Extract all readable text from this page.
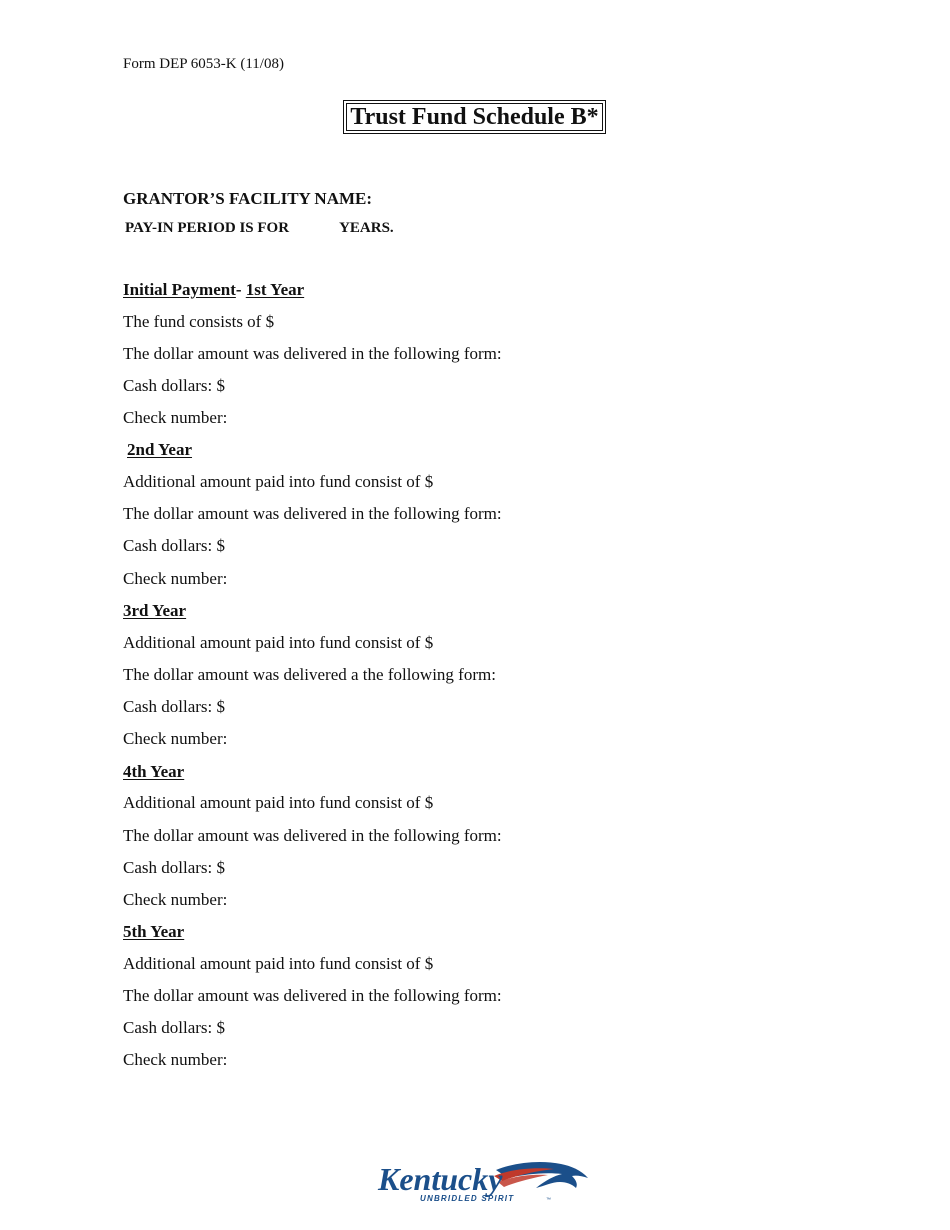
Form DEP 6053-K (11/08)
Trust Fund Schedule B*
GRANTOR’S FACILITY NAME:
PAY-IN PERIOD IS FOR	YEARS.
Initial Payment- 1st Year
The fund consists of $
The dollar amount was delivered in the following form:
Cash dollars: $
Check number:
2nd Year
Additional amount paid into fund consist of $
The dollar amount was delivered in the following form:
Cash dollars: $
Check number:
3rd Year
Additional amount paid into fund consist of $
The dollar amount was delivered a the following form:
Cash dollars: $
Check number:
4th Year
Additional amount paid into fund consist of $
The dollar amount was delivered in the following form:
Cash dollars: $
Check number:
5th Year
Additional amount paid into fund consist of $
The dollar amount was delivered in the following form:
Cash dollars: $
Check number:
Kentucky
UNBRIDLED SPIRIT	™
